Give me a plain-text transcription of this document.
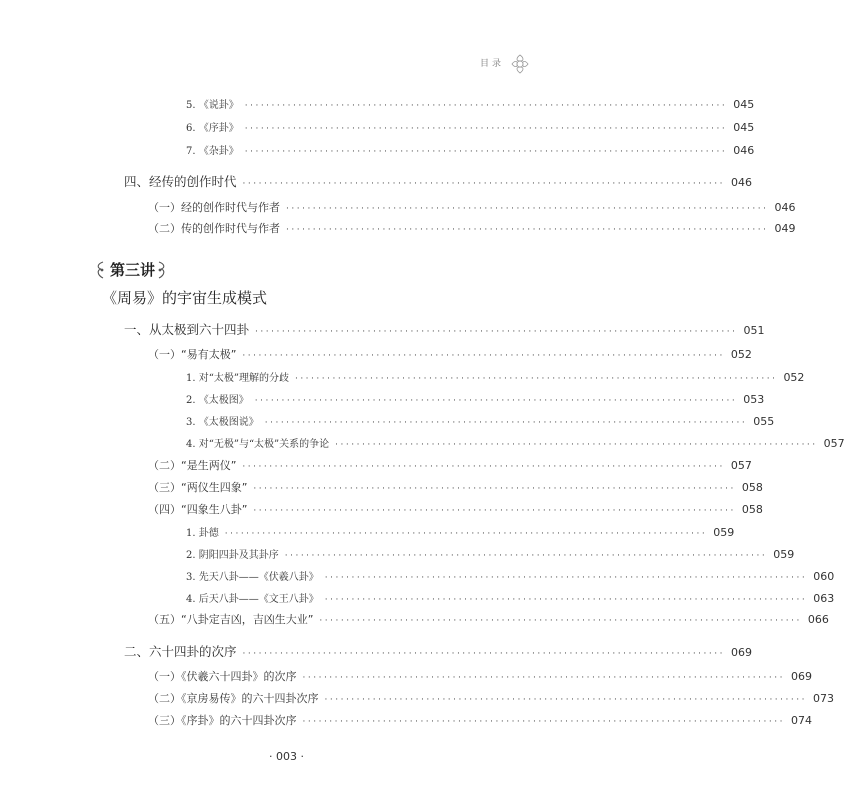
目录
5. 《说卦》 ·························································································· 045
6. 《序卦》 ·························································································· 045
7. 《杂卦》 ·························································································· 046
四、经传的创作时代 ·························································································· 046
（一）经的创作时代与作者 ·························································································· 046
（二）传的创作时代与作者 ·························································································· 049
第三讲
《周易》的宇宙生成模式
一、从太极到六十四卦 ·························································································· 051
（一）“易有太极” ·························································································· 052
1. 对“太极”理解的分歧 ·························································································· 052
2. 《太极图》 ·························································································· 053
3. 《太极图说》 ·························································································· 055
4. 对“无极”与“太极”关系的争论 ·························································································· 057
（二）“是生两仪” ·························································································· 057
（三）“两仪生四象” ·························································································· 058
（四）“四象生八卦” ·························································································· 058
1. 卦德 ·························································································· 059
2. 阴阳四卦及其卦序 ·························································································· 059
3. 先天八卦——《伏羲八卦》 ·························································································· 060
4. 后天八卦——《文王八卦》 ·························································································· 063
（五）“八卦定吉凶，吉凶生大业” ·························································································· 066
二、六十四卦的次序 ·························································································· 069
（一）《伏羲六十四卦》的次序 ·························································································· 069
（二）《京房易传》的六十四卦次序 ·························································································· 073
（三）《序卦》的六十四卦次序 ·························································································· 074
· 003 ·
